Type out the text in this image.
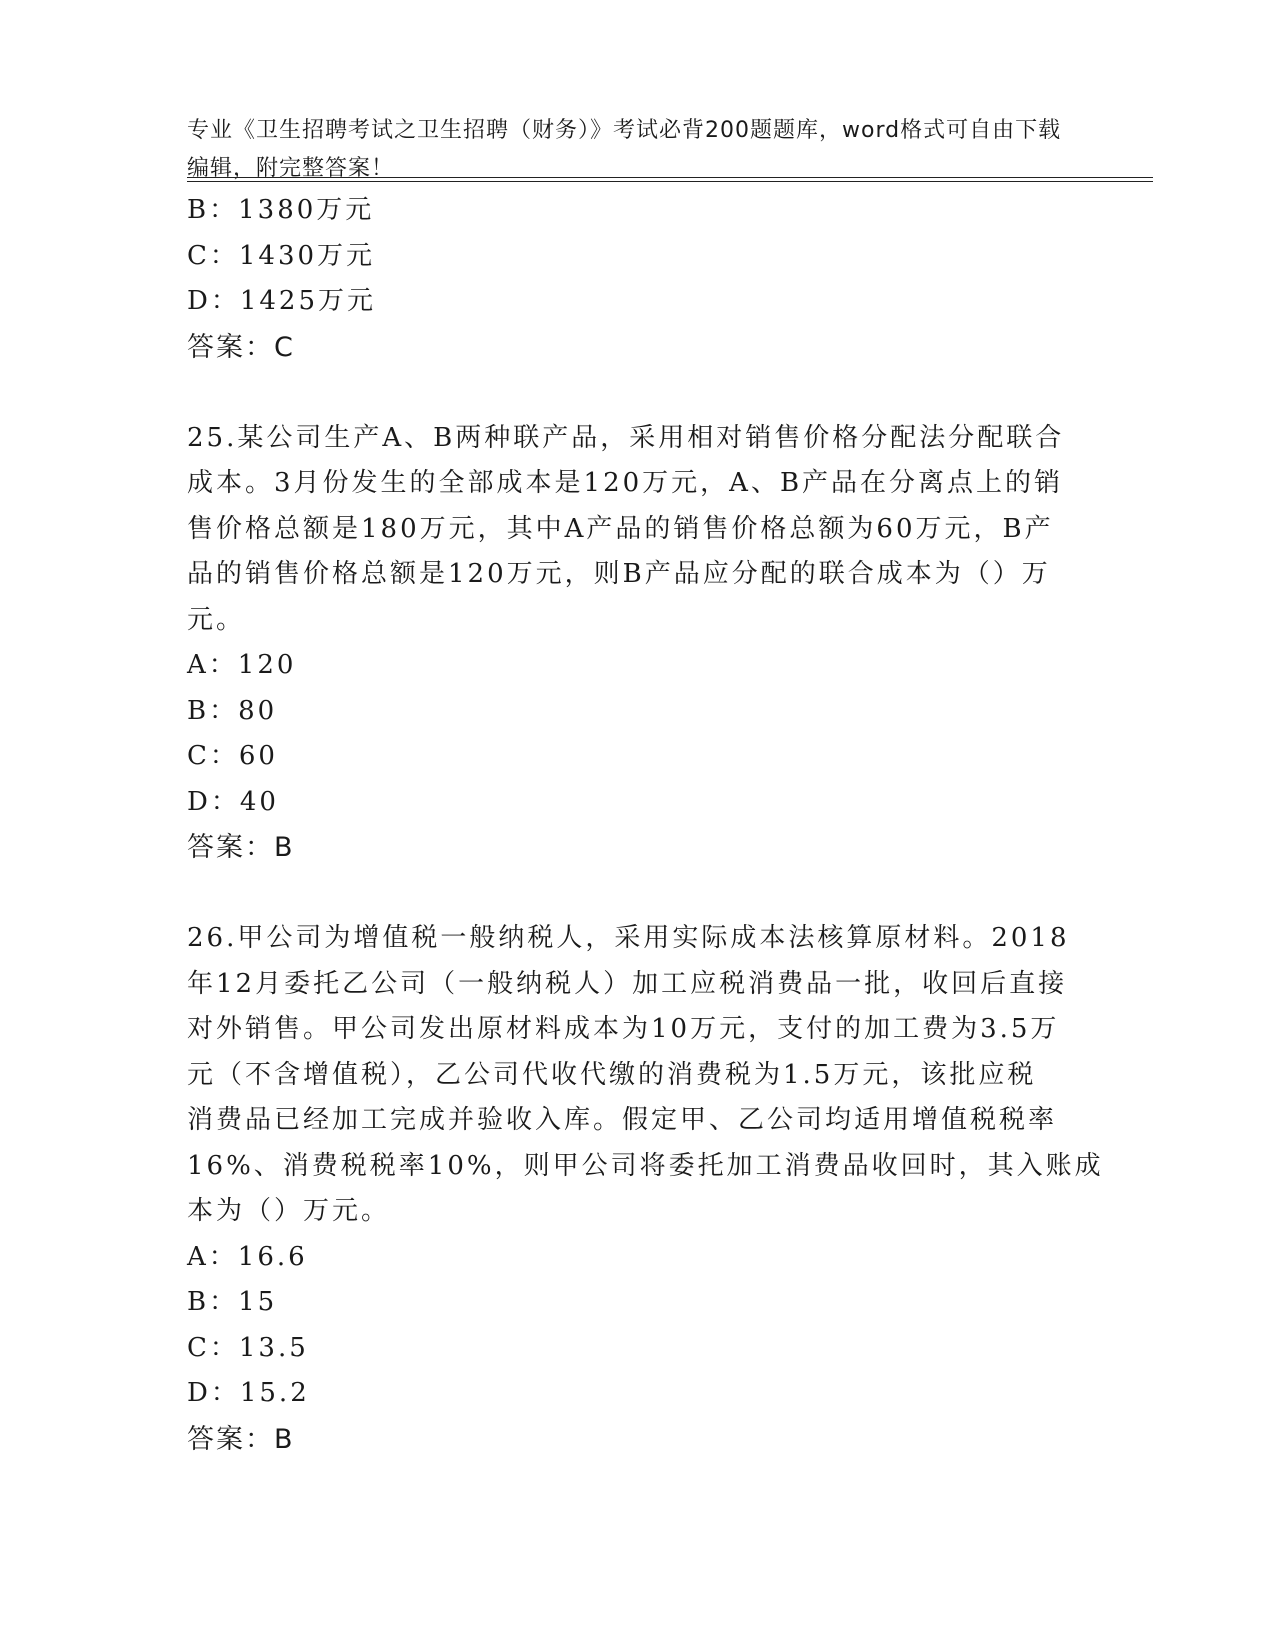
专业《卫生招聘考试之卫生招聘（财务）》考试必背200题题库，word格式可自由下载编辑，附完整答案！

B：1380万元
C：1430万元
D：1425万元
答案：C
25.某公司生产A、B两种联产品，采用相对销售价格分配法分配联合
成本。3月份发生的全部成本是120万元，A、B产品在分离点上的销
售价格总额是180万元，其中A产品的销售价格总额为60万元，B产
品的销售价格总额是120万元，则B产品应分配的联合成本为（）万
元。
A：120
B：80
C：60
D：40
答案：B
26.甲公司为增值税一般纳税人，采用实际成本法核算原材料。2018
年12月委托乙公司（一般纳税人）加工应税消费品一批，收回后直接
对外销售。甲公司发出原材料成本为10万元，支付的加工费为3.5万
元（不含增值税），乙公司代收代缴的消费税为1.5万元，该批应税
消费品已经加工完成并验收入库。假定甲、乙公司均适用增值税税率
16%、消费税税率10%，则甲公司将委托加工消费品收回时，其入账成
本为（）万元。
A：16.6
B：15
C：13.5
D：15.2
答案：B
